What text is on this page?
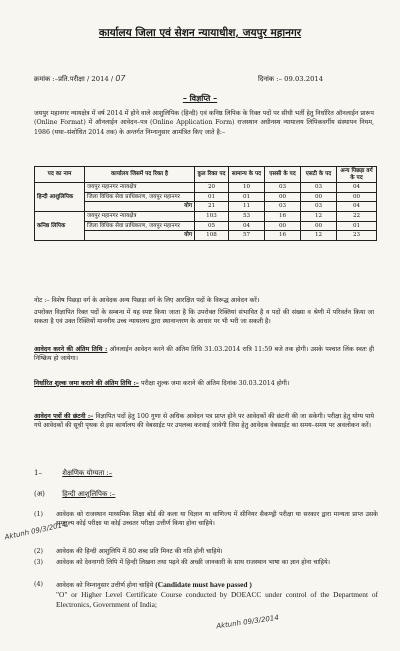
कार्यालय जिला एवं सेशन न्यायाधीश, जयपुर महानगर
क्रमांक :–प्रति.परीक्षा / 2014 / 07	दिनांक :– 09.03.2014
– विज्ञप्ति –

जयपुर महानगर न्यायक्षेत्र में वर्ष 2014 में होने वाले आशुलिपिक (हिन्दी) एवं कनिष्ठ लिपिक के रिक्त पदों पर सीधी भर्ती हेतु निर्धारित ऑनलाईन प्रारूप (Online Format) में ऑनलाईन आवेदन–पत्र (Online Application Form) राजस्थान अधीनस्थ न्यायालय लिपिकवर्गीय संस्थापन नियम, 1986 (यथा–संशोधित 2014 तक) के अन्तर्गत निम्नानुसार आमंत्रित किए जाते है:–

पद का नाम	कार्यालय जिसमें पद रिक्त है	कुल रिक्त पद	सामान्य के पद	एससी के पद	एसटी के पद	अन्य पिछड़ा वर्ग के पद
हिन्दी आशुलिपिक	जयपुर महानगर न्यायक्षेत्र	20	10	03	03	04
	जिला विधिक सेवा प्राधिकरण, जयपुर महानगर	01	01	00	00	00
	योग	21	11	03	03	04
कनिष्ठ लिपिक	जयपुर महानगर न्यायक्षेत्र	103	53	16	12	22
	जिला विधिक सेवा प्राधिकरण, जयपुर महानगर	05	04	00	00	01
	योग	108	57	16	12	23

नोट :– विशेष पिछड़ा वर्ग के आवेदक अन्य पिछड़ा वर्ग के लिए आरक्षित पदों के विरूद्ध आवेदन करें।

उपरोक्त विज्ञापित रिक्त पदों के सम्बन्ध में यह स्पष्ट किया जाता है कि उपरोक्त रिक्तियां संभावित है व पदों की संख्या व श्रेणी में परिवर्तन किया जा सकता है एवं उक्त रिक्तियों माननीय उच्च न्यायालय द्वारा स्थानान्तरण के आधार पर भी भरी जा सकती है।

आवेदन करने की अंतिम तिथि : ऑनलाईन आवेदन करने की अंतिम तिथि 31.03.2014 रात्रि 11:59 बजे तक होगी। उसके पश्चात लिंक स्वतः ही निष्क्रिय हो जायेगा।

निर्धारित शुल्क जमा कराने की अंतिम तिथि :– परीक्षा शुल्क जमा कराने की अंतिम दिनांक 30.03.2014 होगी।

आवेदन पत्रों की छंटनी :– विज्ञापित पदों हेतु 100 गुणा से अधिक आवेदन पत्र प्राप्त होने पर आवेदकों की छंटनी की जा सकेगी। परीक्षा हेतु योग्य पाये गये आवेदकों की सूची पृथक से इस कार्यालय की वेबसाईट पर उपलब्ध करवाई जावेगी जिस हेतु आवेदक वेबसाईट का समय–समय पर अवलोकन करें।

1–	शैक्षणिक योग्यता :–
(अ) हिन्दी आशुलिपिक :–
(1) आवेदक को राजस्थान माध्यमिक शिक्षा बोर्ड की कला या विज्ञान या वाणिज्य में सीनियर सैकण्ड्री परीक्षा या सरकार द्वारा मान्यता प्राप्त उसके समतुल्य कोई परीक्षा या कोई उच्चतर परीक्षा उत्तीर्ण किया होना चाहिये।
(2) आवेदक की हिन्दी आशुलिपि में 80 शब्द प्रति मिनट की गति होनी चाहिये।
(3) आवेदक को देवनागरी लिपि में हिन्दी लिखना तथा पढ़ने की अच्छी जानकारी के साथ राजस्थान भाषा का ज्ञान होना चाहिये।
(4) आवेदक को निम्नानुसार उत्तीर्ण होना चाहिये (Candidate must have passed )
"O" or Higher Level Certificate Course conducted by DOEACC under control of the Department of Electronics, Government of India;
Aktunh 09/3/2014
Aktunh 09/3/2014
